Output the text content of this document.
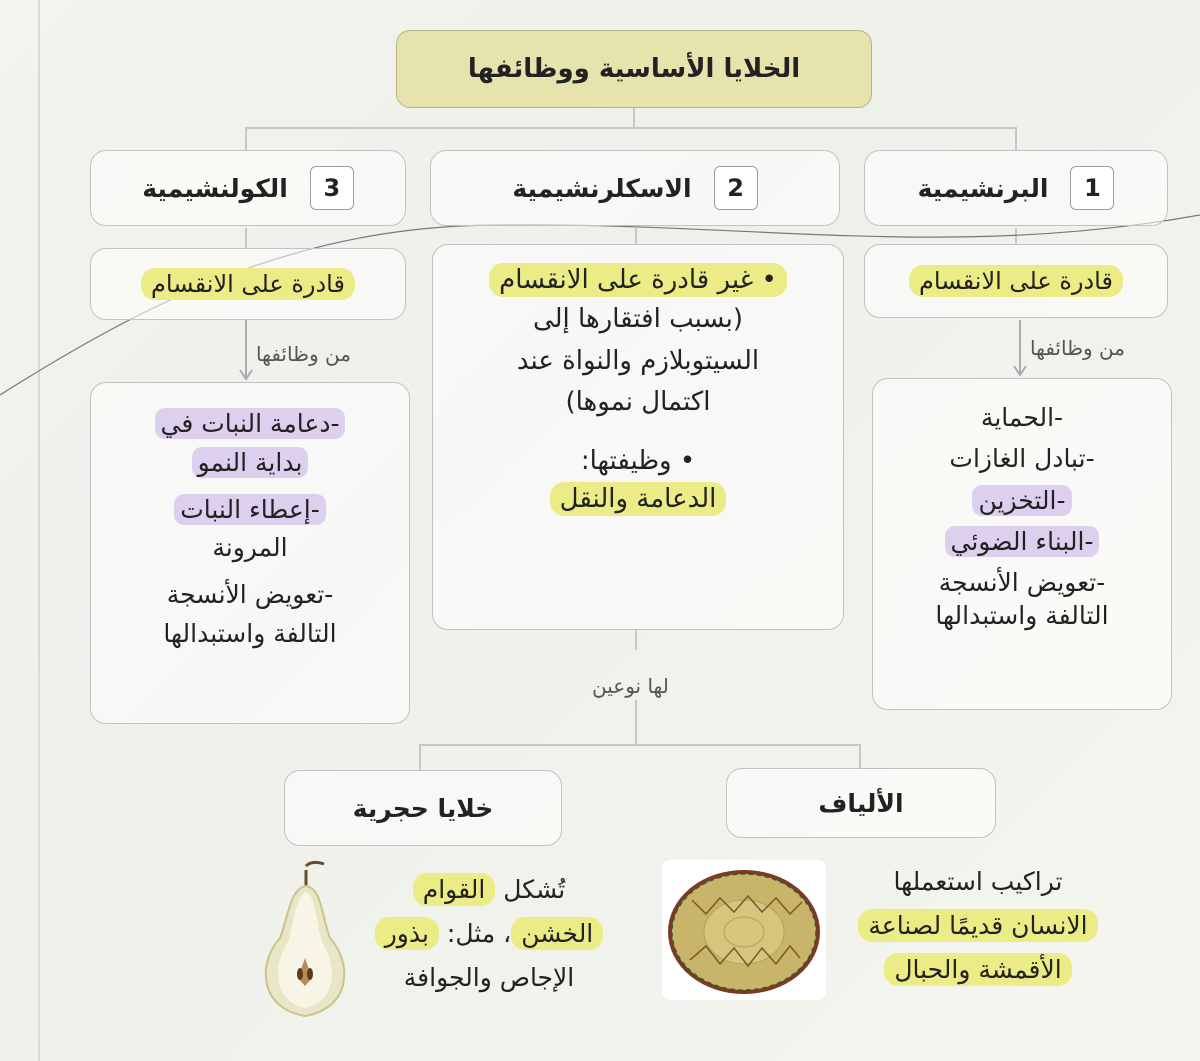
الخلايا الأساسية ووظائفها
1
البرنشيمية
2
الاسكلرنشيمية
3
الكولنشيمية
قادرة على الانقسام
قادرة على الانقسام	• غير قادرة على الانقسام
(بسبب افتقارها إلى
السيتوبلازم والنواة عند
اكتمال نموها)
• وظيفتها:
الدعامة والنقل
من وظائفها
من وظائفها
لها نوعين
-الحماية
-تبادل الغازات
-التخزين
-البناء الضوئي
-تعويض الأنسجة
التالفة واستبدالها
-دعامة النبات في
بداية النمو
-إعطاء النبات
المرونة
-تعويض الأنسجة
التالفة واستبدالها
الألياف
خلايا حجرية
تراكيب استعملها
الانسان قديمًا لصناعة
الأقمشة والحبال
تُشكل القوام
الخشن، مثل: بذور
الإجاص والجوافة
